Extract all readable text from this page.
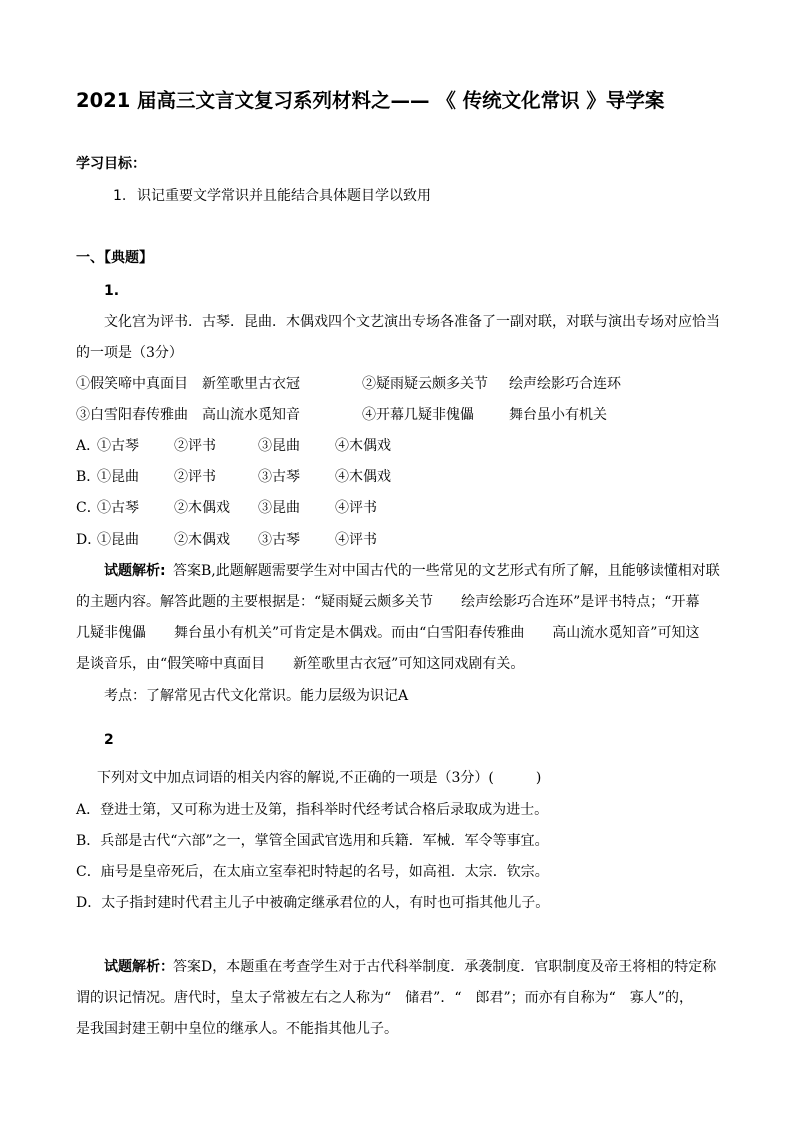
2021 届高三文言文复习系列材料之—— 《 传统文化常识 》导学案
学习目标：
1. 识记重要文学常识并且能结合具体题目学以致用
一、【典题】
1.
文化宫为评书．古琴．昆曲．木偶戏四个文艺演出专场各准备了一副对联，对联与演出专场对应恰当
的一项是（3分）
①假笑啼中真面目 新笙歌里古衣冠	②疑雨疑云颇多关节 绘声绘影巧合连环
③白雪阳春传雅曲 高山流水觅知音	④开幕几疑非傀儡	舞台虽小有机关
A．
①古琴	②评书	③昆曲	④木偶戏
B．
①昆曲	②评书	③古琴	④木偶戏
C．
①古琴	②木偶戏 ③昆曲	④评书
D．
①昆曲	②木偶戏 ③古琴	④评书
试题解析: 答案B,此题解题需要学生对中国古代的一些常见的文艺形式有所了解，且能够读懂相对联
的主题内容。解答此题的主要根据是：“疑雨疑云颇多关节　　绘声绘影巧合连环”是评书特点；“开幕
几疑非傀儡　　舞台虽小有机关”可肯定是木偶戏。而由“白雪阳春传雅曲　　高山流水觅知音”可知这
是谈音乐，由“假笑啼中真面目　　新笙歌里古衣冠”可知这同戏剧有关。
考点：了解常见古代文化常识。能力层级为识记A
2
下列对文中加点词语的相关内容的解说,不正确的一项是（3分）(　　　)
A．登进士第，又可称为进士及第，指科举时代经考试合格后录取成为进士。
B．兵部是古代“六部”之一，掌管全国武官选用和兵籍．军械．军令等事宜。
C．庙号是皇帝死后，在太庙立室奉祀时特起的名号，如高祖．太宗．钦宗。
D．太子指封建时代君主儿子中被确定继承君位的人，有时也可指其他儿子。
试题解析： 答案D，本题重在考查学生对于古代科举制度．承袭制度．官职制度及帝王将相的特定称
谓的识记情况。唐代时，皇太子常被左右之人称为“　储君”．“　郎君”；而亦有自称为“　寡人”的，
是我国封建王朝中皇位的继承人。不能指其他儿子。
